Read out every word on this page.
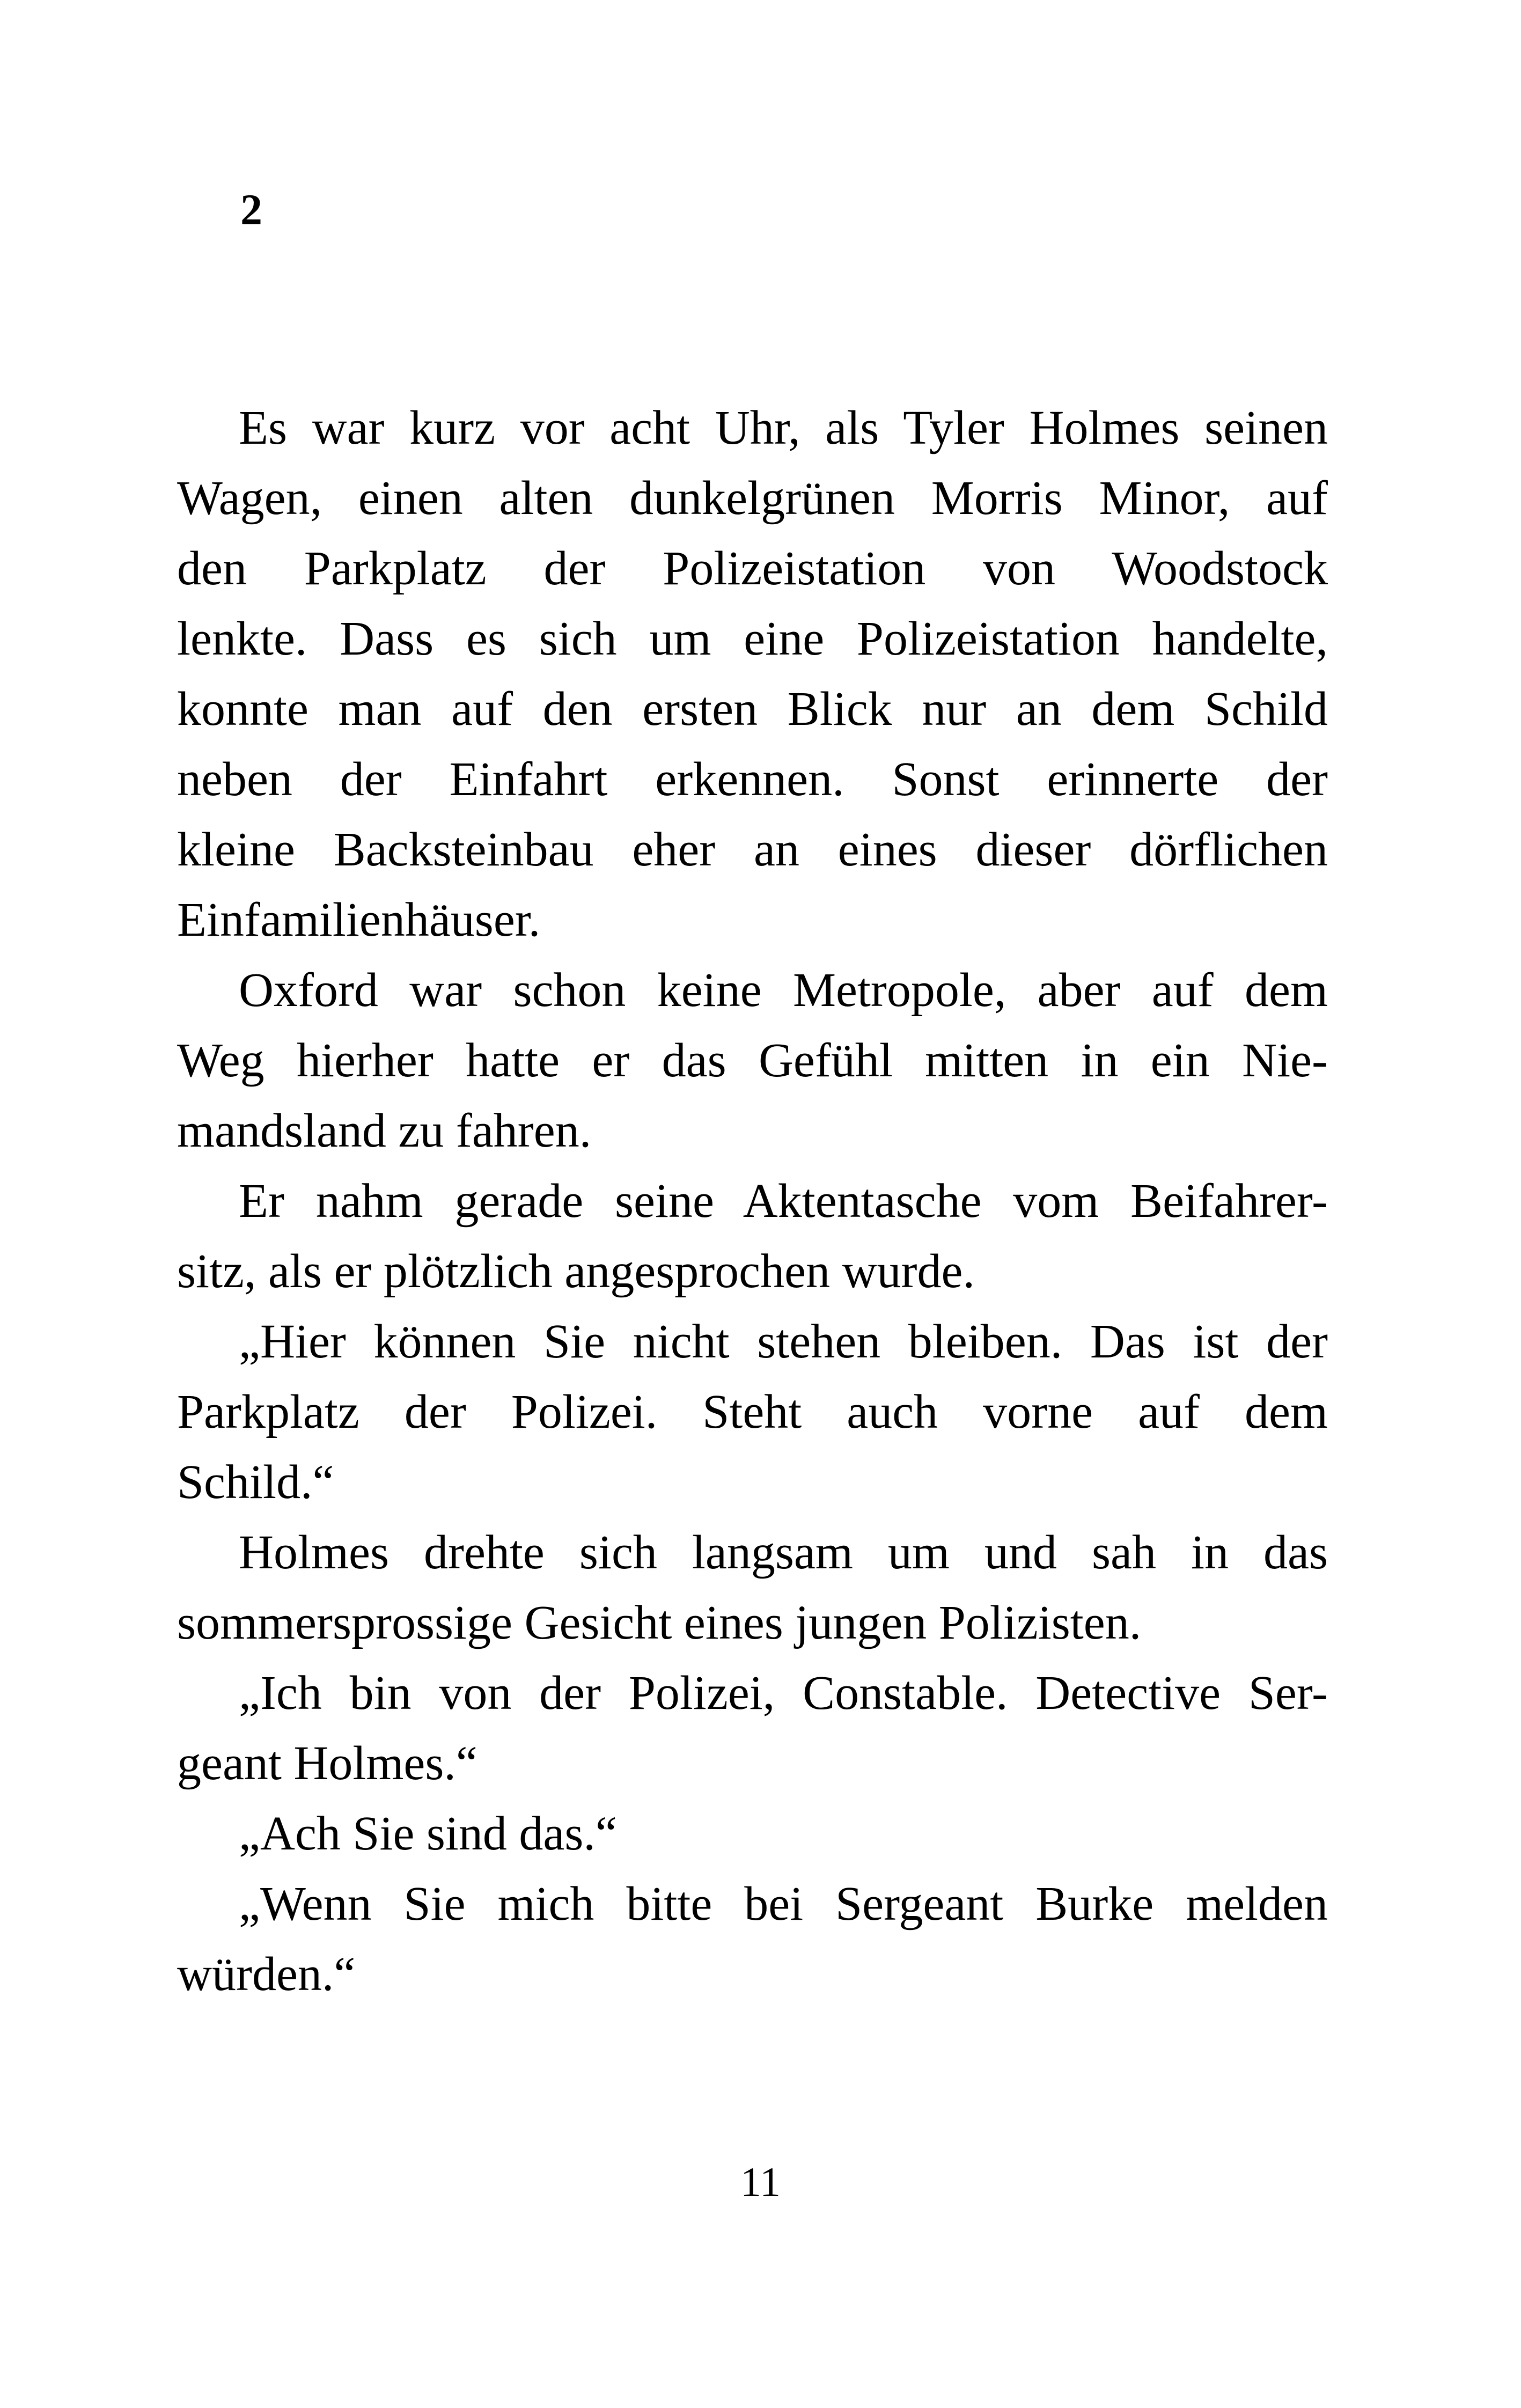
2

Es war kurz vor acht Uhr, als Tyler Holmes seinen
Wagen, einen alten dunkelgrünen Morris Minor, auf
den Parkplatz der Polizeistation von Woodstock
lenkte. Dass es sich um eine Polizeistation handelte,
konnte man auf den ersten Blick nur an dem Schild
neben der Einfahrt erkennen. Sonst erinnerte der
kleine Backsteinbau eher an eines dieser dörflichen
Einfamilienhäuser.

Oxford war schon keine Metropole, aber auf dem
Weg hierher hatte er das Gefühl mitten in ein Nie-
mandsland zu fahren.

Er nahm gerade seine Aktentasche vom Beifahrer-
sitz, als er plötzlich angesprochen wurde.

„Hier können Sie nicht stehen bleiben. Das ist der
Parkplatz der Polizei. Steht auch vorne auf dem
Schild.“

Holmes drehte sich langsam um und sah in das
sommersprossige Gesicht eines jungen Polizisten.

„Ich bin von der Polizei, Constable. Detective Ser-
geant Holmes.“

„Ach Sie sind das.“

„Wenn Sie mich bitte bei Sergeant Burke melden
würden.“

11
